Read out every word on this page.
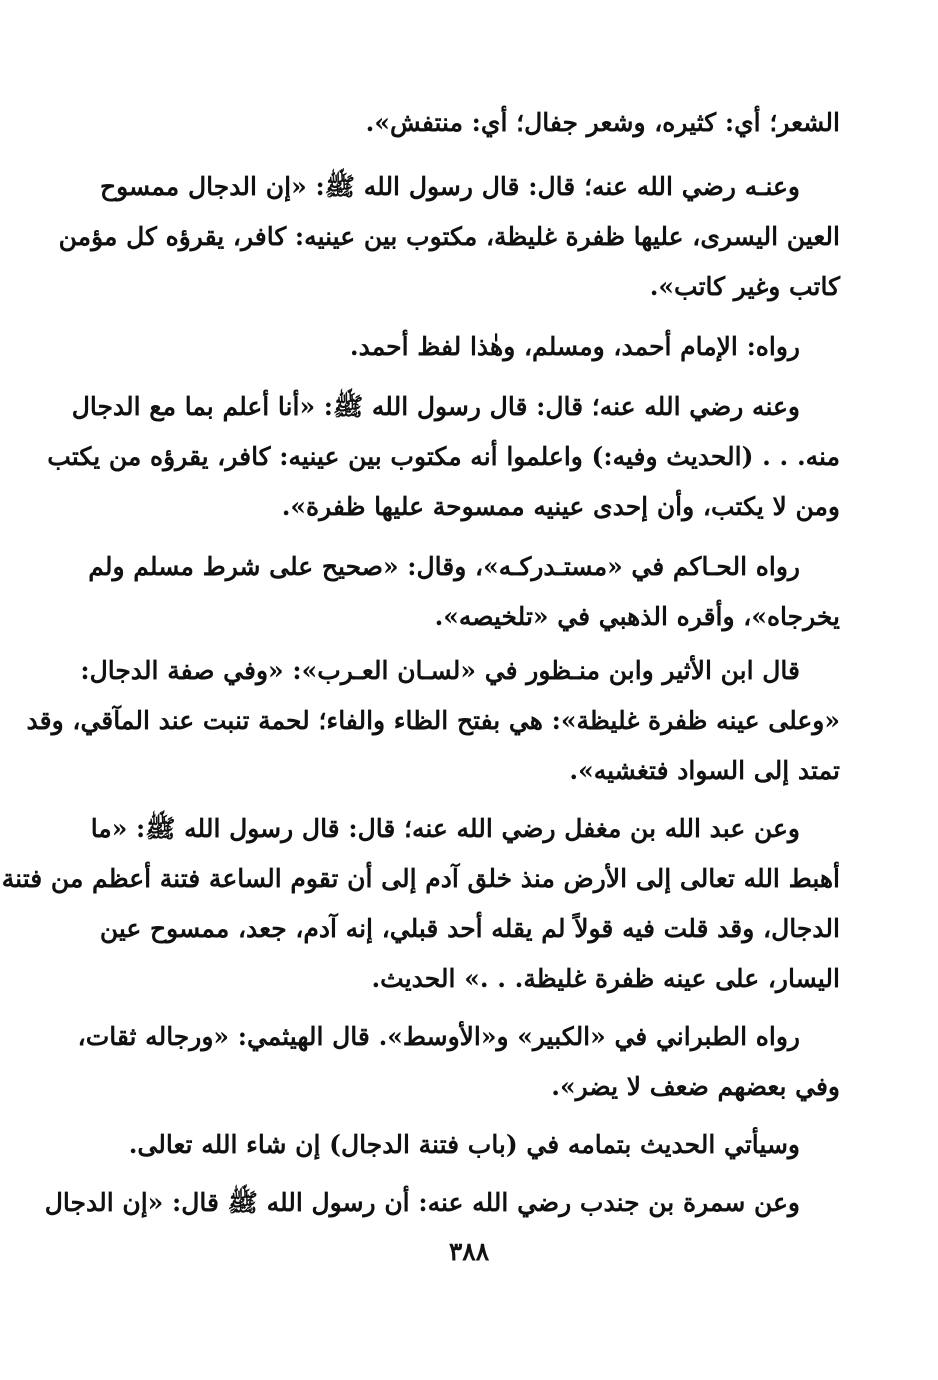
الشعر؛ أي: كثيره، وشعر جفال؛ أي: منتفش».
وعنـه رضي الله عنه؛ قال: قال رسول الله ﷺ: «إن الدجال ممسوح
العين اليسرى، عليها ظفرة غليظة، مكتوب بين عينيه: كافر، يقرؤه كل مؤمن
كاتب وغير كاتب».
رواه: الإمام أحمد، ومسلم، وهٰذا لفظ أحمد.
وعنه رضي الله عنه؛ قال: قال رسول الله ﷺ: «أنا أعلم بما مع الدجال
منه. . . (الحديث وفيه:) واعلموا أنه مكتوب بين عينيه: كافر، يقرؤه من يكتب
ومن لا يكتب، وأن إحدى عينيه ممسوحة عليها ظفرة».
رواه الحـاكم في «مستـدركـه»، وقال: «صحيح على شرط مسلم ولم
يخرجاه»، وأقره الذهبي في «تلخيصه».
قال ابن الأثير وابن منـظور في «لسـان العـرب»: «وفي صفة الدجال:
«وعلى عينه ظفرة غليظة»: هي بفتح الظاء والفاء؛ لحمة تنبت عند المآقي، وقد
تمتد إلى السواد فتغشيه».
وعن عبد الله بن مغفل رضي الله عنه؛ قال: قال رسول الله ﷺ: «ما
أهبط الله تعالى إلى الأرض منذ خلق آدم إلى أن تقوم الساعة فتنة أعظم من فتنة
الدجال، وقد قلت فيه قولاً لم يقله أحد قبلي، إنه آدم، جعد، ممسوح عين
اليسار، على عينه ظفرة غليظة. . .» الحديث.
رواه الطبراني في «الكبير» و«الأوسط». قال الهيثمي: «ورجاله ثقات،
وفي بعضهم ضعف لا يضر».
وسيأتي الحديث بتمامه في (باب فتنة الدجال) إن شاء الله تعالى.
وعن سمرة بن جندب رضي الله عنه: أن رسول الله ﷺ قال: «إن الدجال
٣٨٨
